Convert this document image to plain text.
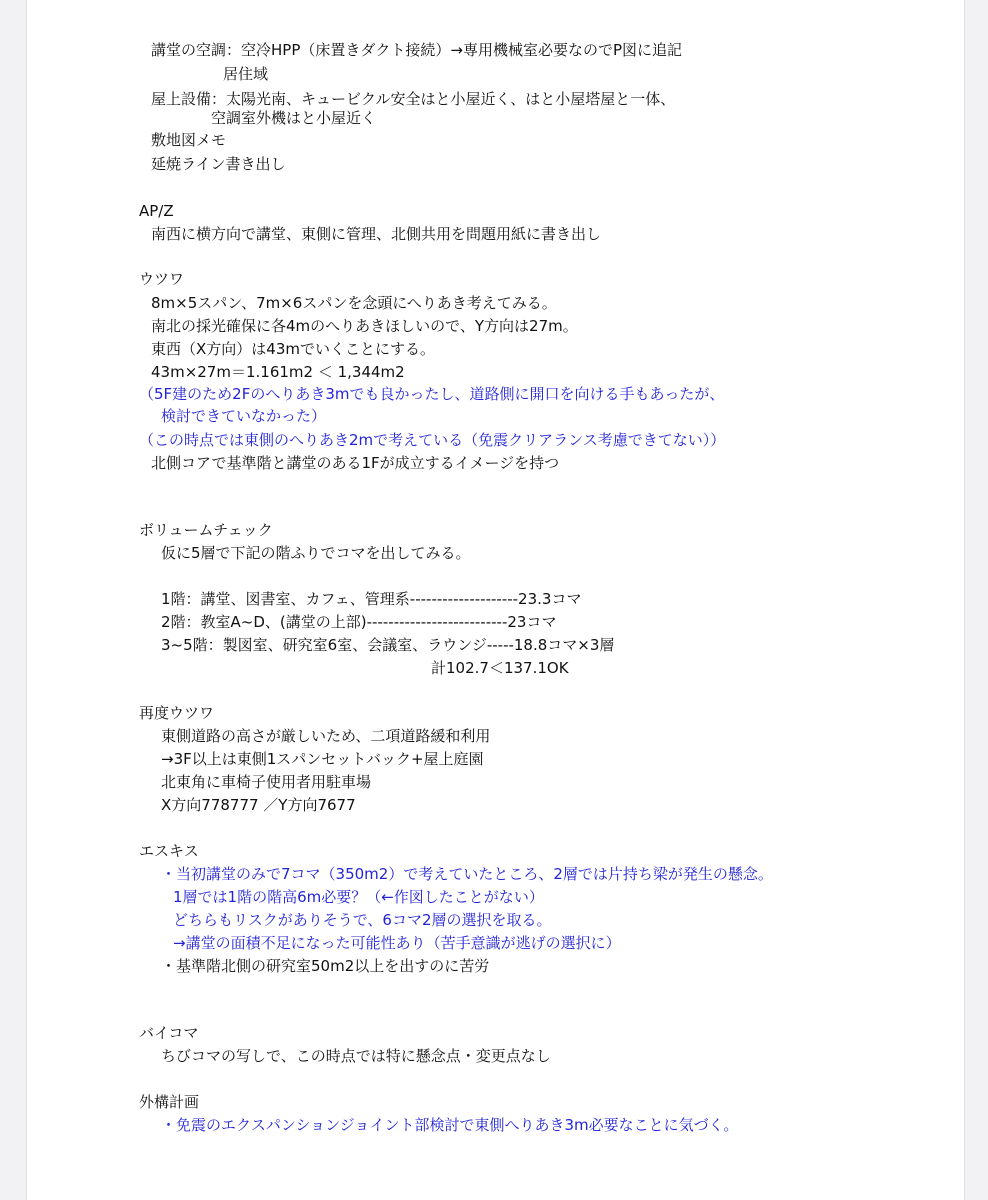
講堂の空調：空冷HPP（床置きダクト接続）→専用機械室必要なのでP図に追記
居住域
屋上設備：太陽光南、キュービクル安全はと小屋近く、はと小屋塔屋と一体、
空調室外機はと小屋近く
敷地図メモ
延焼ライン書き出し
AP/Z
南西に横方向で講堂、東側に管理、北側共用を問題用紙に書き出し
ウツワ
8m×5スパン、7m×6スパンを念頭にへりあき考えてみる。
南北の採光確保に各4mのへりあきほしいので、Y方向は27m。
東西（X方向）は43mでいくことにする。
43m×27m＝1.161m2 ＜ 1,344m2
（5F建のため2Fのへりあき3mでも良かったし、道路側に開口を向ける手もあったが、
検討できていなかった）
（この時点では東側のへりあき2mで考えている（免震クリアランス考慮できてない））
北側コアで基準階と講堂のある1Fが成立するイメージを持つ
ボリュームチェック
仮に5層で下記の階ふりでコマを出してみる。
1階：講堂、図書室、カフェ、管理系--------------------23.3コマ
2階：教室A~D、(講堂の上部)--------------------------23コマ
3~5階：製図室、研究室6室、会議室、ラウンジ-----18.8コマ×3層
計102.7＜137.1OK
再度ウツワ
東側道路の高さが厳しいため、二項道路緩和利用
→3F以上は東側1スパンセットバック+屋上庭園
北東角に車椅子使用者用駐車場
X方向778777 ／Y方向7677
エスキス
・当初講堂のみで7コマ（350m2）で考えていたところ、2層では片持ち梁が発生の懸念。
1層では1階の階高6m必要？（←作図したことがない）
どちらもリスクがありそうで、6コマ2層の選択を取る。
→講堂の面積不足になった可能性あり（苦手意識が逃げの選択に）
・基準階北側の研究室50m2以上を出すのに苦労
バイコマ
ちびコマの写しで、この時点では特に懸念点・変更点なし
外構計画
・免震のエクスパンションジョイント部検討で東側へりあき3m必要なことに気づく。
